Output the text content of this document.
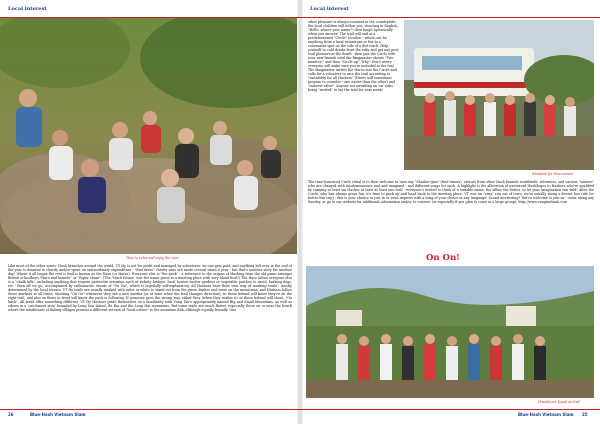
Local interest
Time to relax and enjoy the view
Like most of the other zones- Hash branches around the world, VT Hy is not for profit and managed by volunteers: no-one gets paid, and anything left over at the end of the year is donated to charity and/or spent on extraordinary expenditure - "Red dress" charity runs are made several times a year - but that's another story for another day! Where it all began the rest is trail is known as the Hare (or Hares). Everyone else is "the pack" - a reference to the origins of Hashing from the old game amongst British schoolboys "Hare and hounds" or "Paper chase". (The "Hash House" was the name given to a meeting place with very bland food!) The Hare (often everyone else is a "chalk talk", including anything that require particular attention such as rickety bridges, local houses and/or gardens or vegetable patches to avoid, barking dogs, etc - then off we go, accompanied by enthusiastic shouts of "On On", which is hopefully self-explanatory. All Hashers have their own way of marking trails - mostly determined by the local terrain. VT Hy trails are usually marked with toilet or white to stand out from the green bushes and trees on the mountains, and Hashers follow these markers at all times, shouting "On On" whenever they see a new marker (or at least when the trail changes direction), so those behind will know they're on the right trail, and also so those in front will know the pack is following. If someone goes the wrong way, either they (when they realise it) or those behind will shout, "On back". All trails offer something different. VT Hy Hashers pride themselves on a familiarity with Vung Tau's appropriately named Big and Small Mountains, as well as others in a 'catchment area' bounded by Long Son Island, Ba Ria and the Long Hai mountains. But some trails are much flatter, especially those on or near the beach where the inhabitants of fishing villages present a different version of "local colour" to the mountain folk, although equally friendly. One
26	Blue-Hash Vietnam Slam
Local interest
other pleasure is always constant in the countryside: the local children will follow you, shouting in English, "Hello, what's your name?" then laugh hysterically when you answer! The trail will end at a predetermined "Circle" location - which can be anything from a local restaurant or bar to a convenient spot on the side of a dirt track. Help yourself to cold drinks from the esky and get any post-trail pleasure at the finish - then join the Circle with your new friends until the Ringmaster shouts "Two minutes!" and then "Circle up". Why? Don't worry - everyone will make sure you're included in the fun! The Ringmaster invites the Hares into the Circle and calls for a volunteer to rate the trail according to "suitability for all Hashers" (Hares will sometimes prepare to consider - one easier than the other) and "interest value". Anyone not awarding an 'on' risks being "invited" to lay the trail for next week!
Initiation for Newcomers
The time-honoured Circle ritual is to then welcome in turn any "Shadow-gins" (first-timers), visitors from other Hash kennels worldwide, returnees, and various "sinners" who are charged with misdemeanours real and imagined - and different songs for each. A highlight is the allocation of irreverent Hash/logos to Hashers who've qualified by running at least six Hashes at least at least one trail - everyone's invited to think of a suitable name, the sillier the better, so let your imagination run wild! After the Circle, who has always great fun, it's time to pack up and head back to the meeting place. VT was an "easy" run out of town, we're usually along a decent bus ride (or better bus trip) - this is your chance to join in or even impress with a song of your choice in any language! Sound interesting? You're welcome to join us - come along any Sunday, or go to our website for additional information and/or to connect (or especially if you plan to come in a large group): http://www.vungtauhash.com
On On!
Friends are found on trail
Blue-Hash Vietnam Slam 25
